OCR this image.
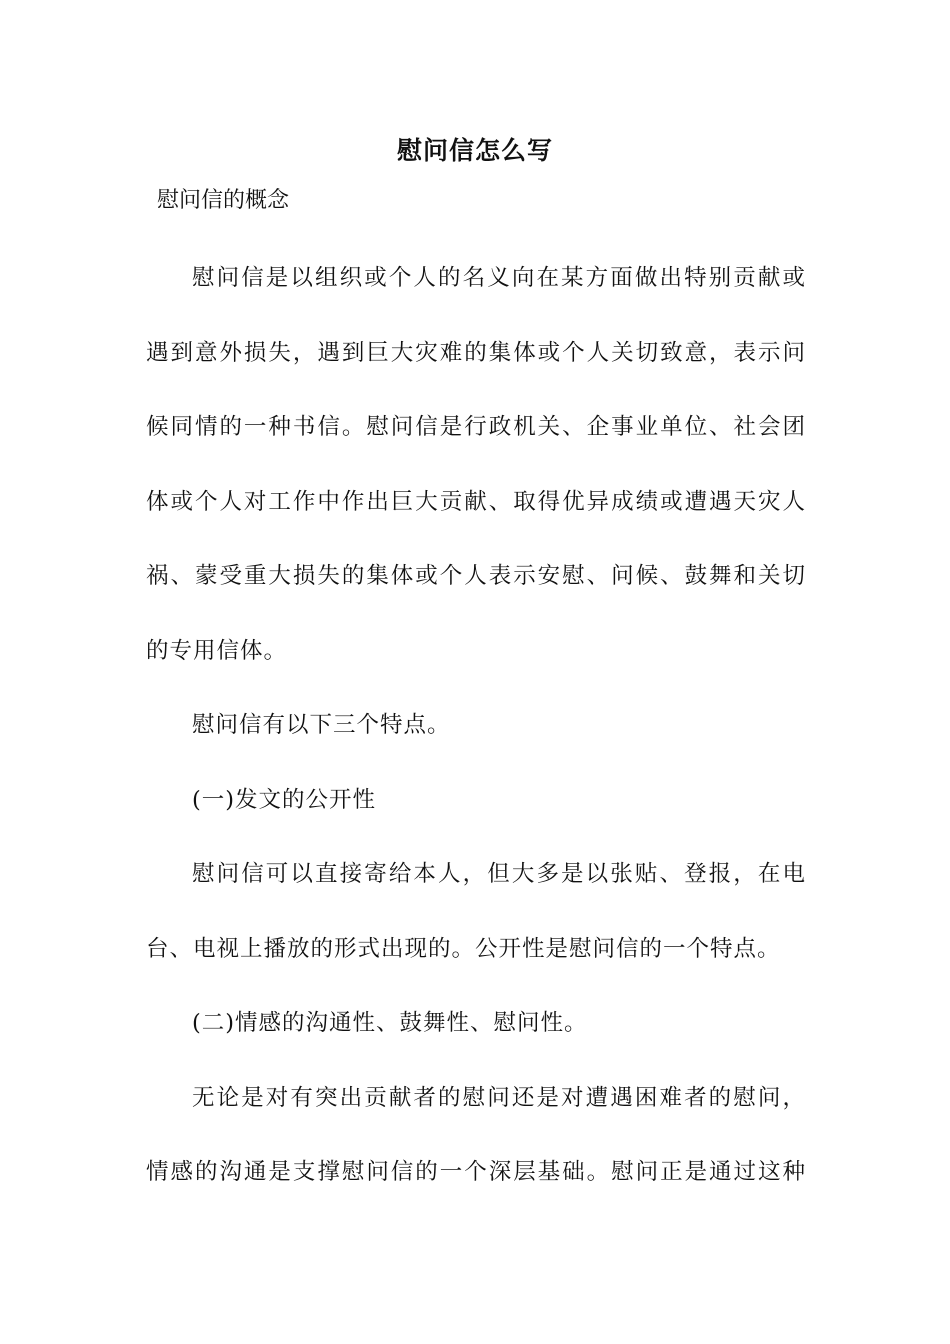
慰问信怎么写
慰问信的概念
慰问信是以组织或个人的名义向在某方面做出特别贡献或
遇到意外损失，遇到巨大灾难的集体或个人关切致意，表示问
候同情的一种书信。慰问信是行政机关、企事业单位、社会团
体或个人对工作中作出巨大贡献、取得优异成绩或遭遇天灾人
祸、蒙受重大损失的集体或个人表示安慰、问候、鼓舞和关切
的专用信体。
慰问信有以下三个特点。
(一)发文的公开性
慰问信可以直接寄给本人，但大多是以张贴、登报，在电
台、电视上播放的形式出现的。公开性是慰问信的一个特点。
(二)情感的沟通性、鼓舞性、慰问性。
无论是对有突出贡献者的慰问还是对遭遇困难者的慰问，
情感的沟通是支撑慰问信的一个深层基础。慰问正是通过这种
